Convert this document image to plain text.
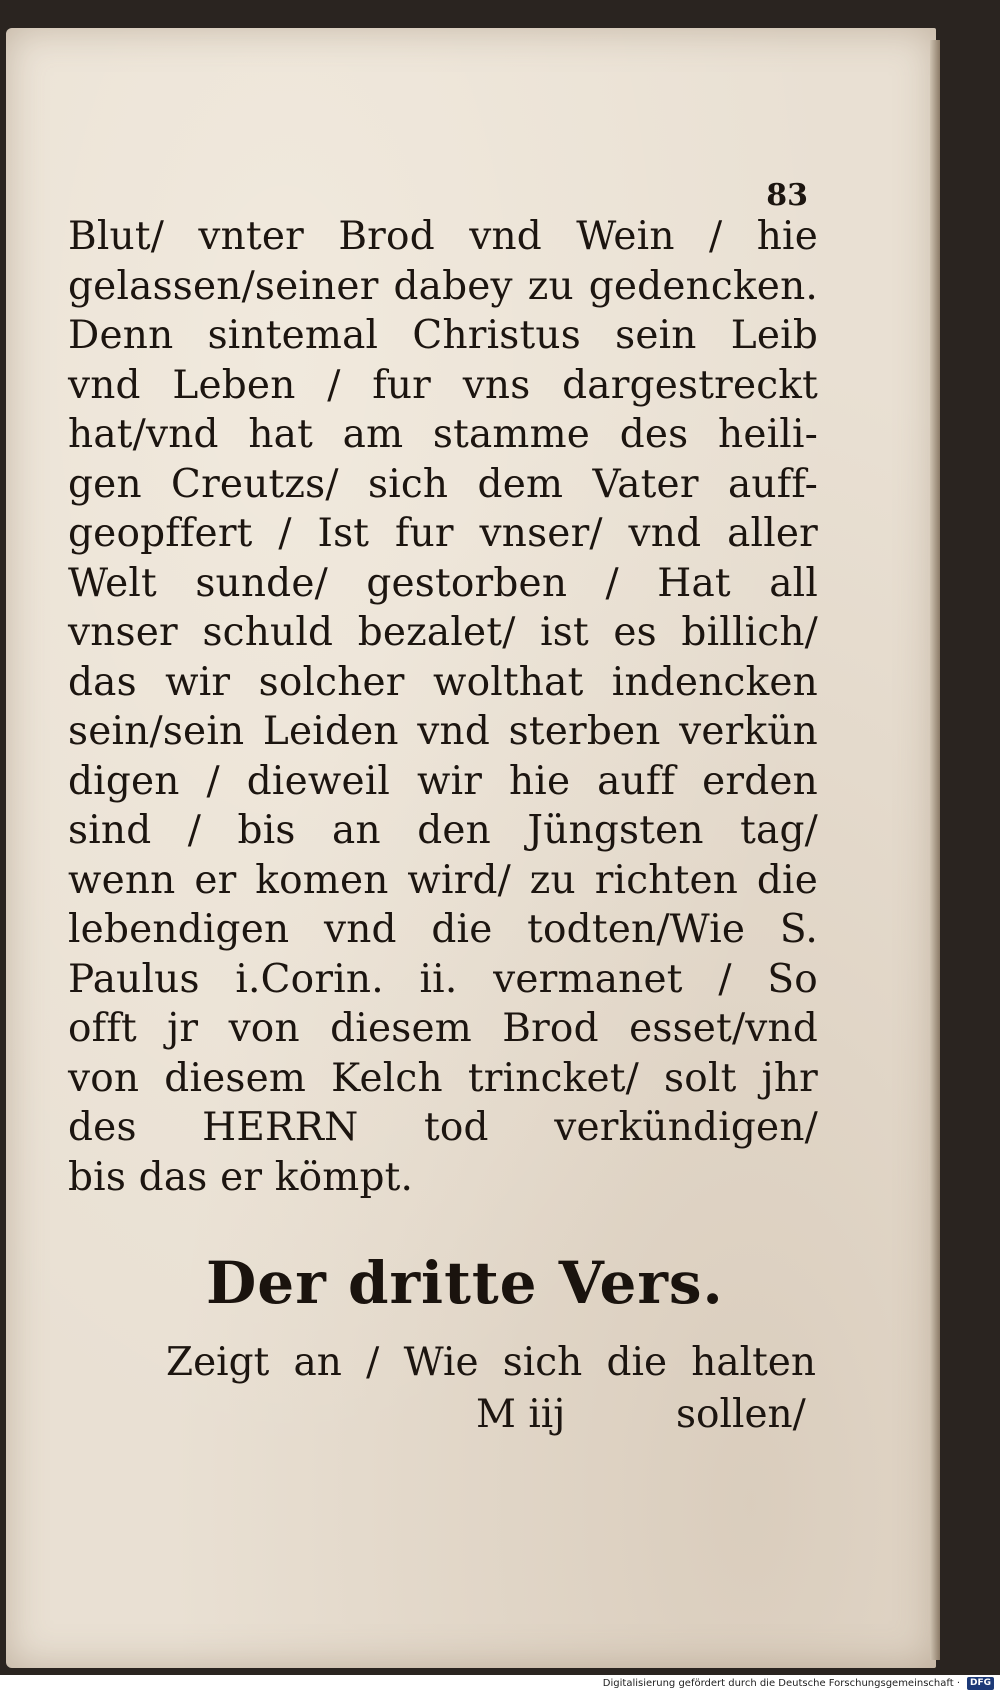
83
Blut/ vnter Brod vnd Wein / hie
gelassen/seiner dabey zu gedencken.
Denn sintemal Christus sein Leib
vnd Leben / fur vns dargestreckt
hat/vnd hat am stamme des heili-
gen Creutzs/ sich dem Vater auff-
geopffert / Ist fur vnser/ vnd aller
Welt sunde/ gestorben / Hat all
vnser schuld bezalet/ ist es billich/
das wir solcher wolthat indencken
sein/sein Leiden vnd sterben verkün
digen / dieweil wir hie auff erden
sind / bis an den Jüngsten tag/
wenn er komen wird/ zu richten die
lebendigen vnd die todten/Wie S.
Paulus i.Corin. ii. vermanet / So
offt jr von diesem Brod esset/vnd
von diesem Kelch trincket/ solt jhr
des HERRN tod verkündigen/
bis das er kömpt.
Der dritte Vers.
Zeigt an / Wie sich die halten
M iij	sollen/
Digitalisierung gefördert durch die Deutsche Forschungsgemeinschaft ·	DFG
